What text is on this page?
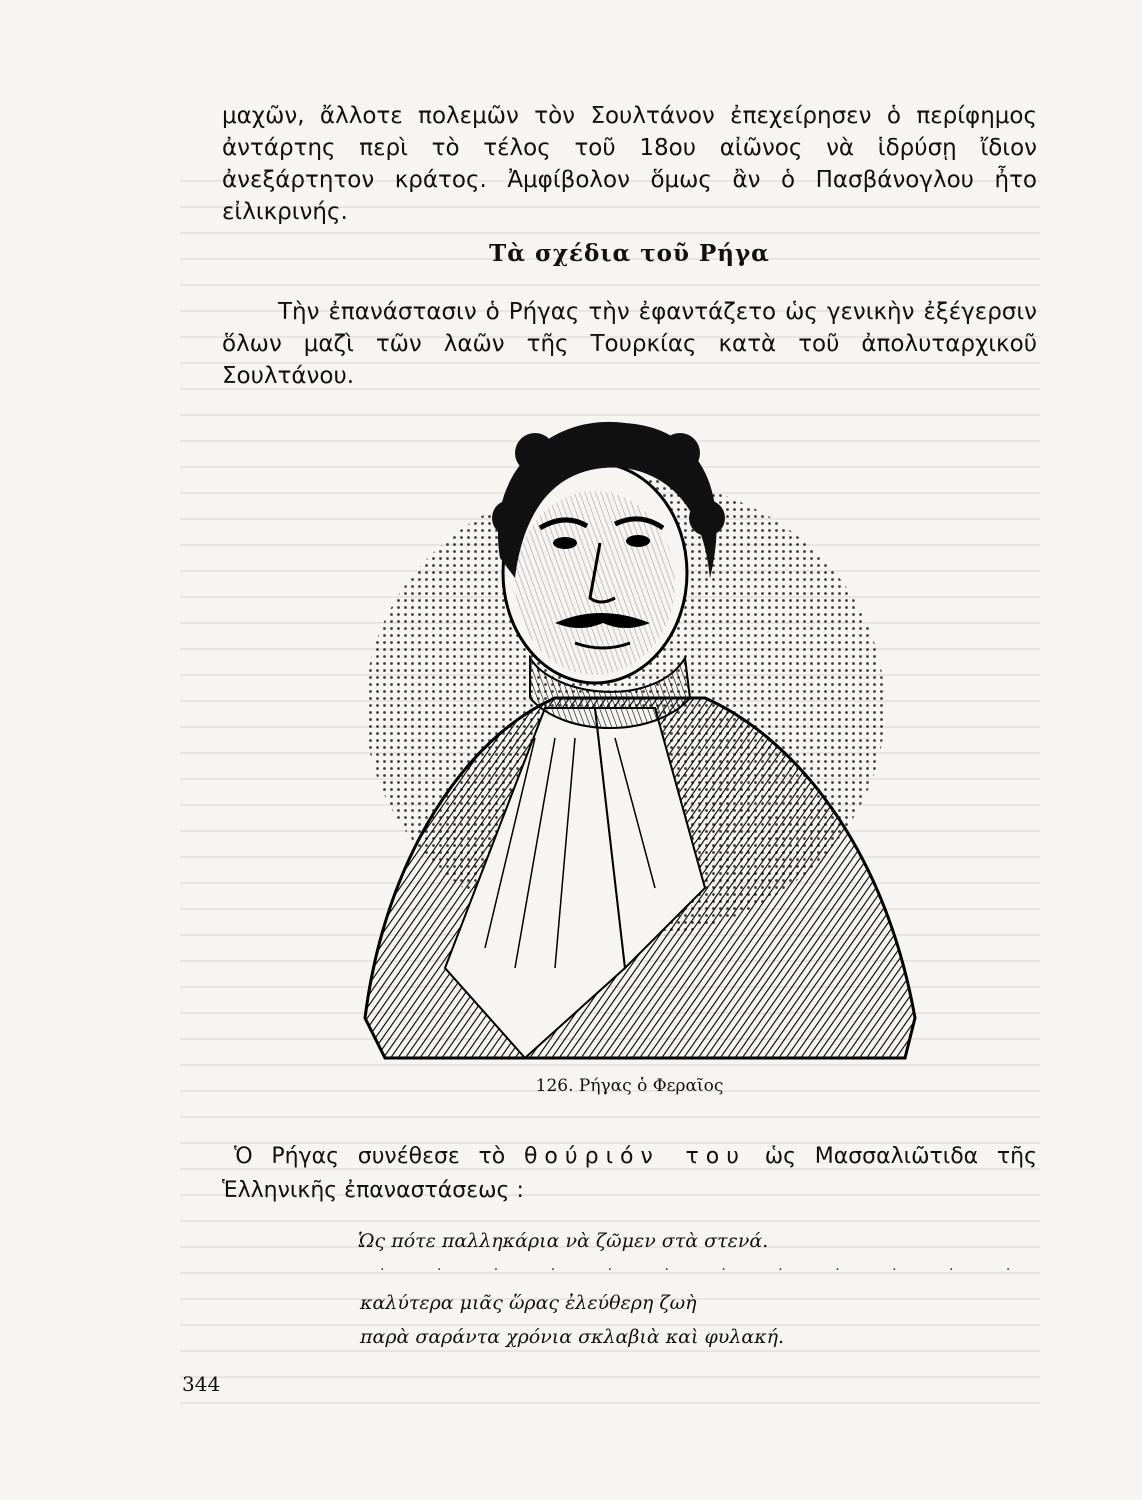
μαχῶν, ἄλλοτε πολεμῶν τὸν Σουλτάνον ἐπεχείρησεν ὁ περίφημος ἀντάρτης περὶ τὸ τέλος τοῦ 18ου αἰῶνος νὰ ἱδρύσῃ ἴδιον ἀνεξάρτητον κράτος. Ἀμφίβολον ὅμως ἂν ὁ Πασβάνογλου ἦτο εἰλικρινής.

Τὰ σχέδια τοῦ Ρήγα

Τὴν ἐπανάστασιν ὁ Ρήγας τὴν ἐφαντάζετο ὡς γενικὴν ἐξέγερσιν ὅλων μαζὶ τῶν λαῶν τῆς Τουρκίας κατὰ τοῦ ἀπολυταρχικοῦ Σουλτάνου.

126. Ρήγας ὁ Φεραῖος

Ὁ Ρήγας συνέθεσε τὸ θούριόν του ὡς Μασσαλιῶτιδα τῆς Ἑλληνικῆς ἐπαναστάσεως :

Ὡς πότε παλληκάρια νὰ ζῶμεν στὰ στενά.
. . . . . . . . . . . .
καλύτερα μιᾶς ὥρας ἐλεύθερη ζωὴ
παρὰ σαράντα χρόνια σκλαβιὰ καὶ φυλακή.
344
